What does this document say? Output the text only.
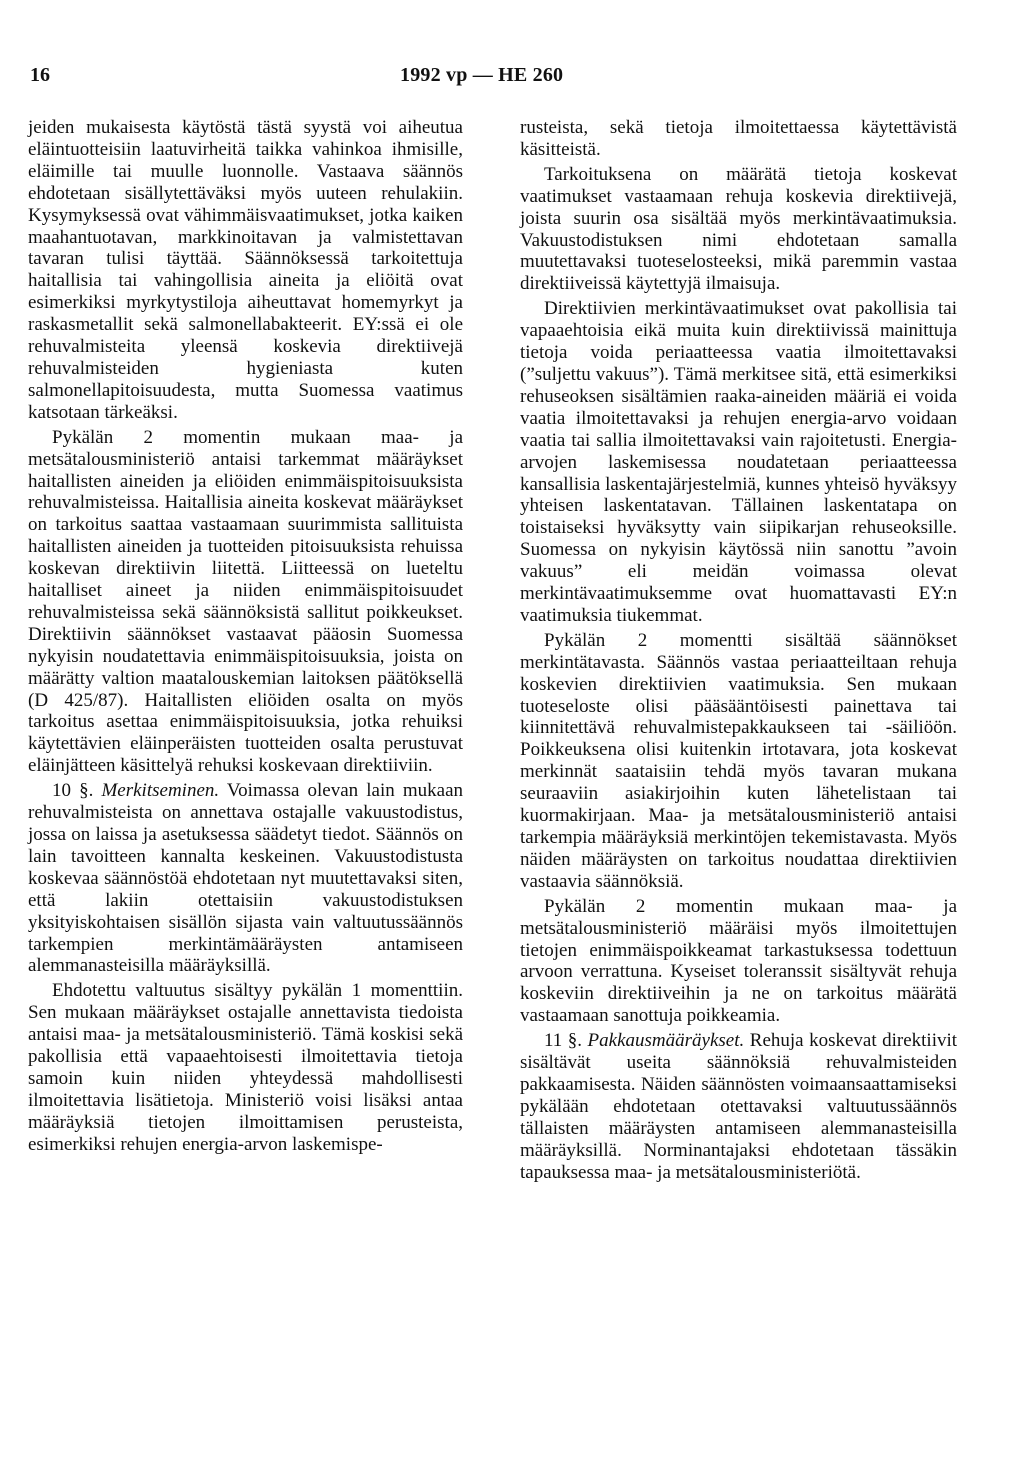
16	1992 vp — HE 260

jeiden mukaisesta käytöstä tästä syystä voi aiheutua eläintuotteisiin laatuvirheitä taikka vahinkoa ihmisille, eläimille tai muulle luonnolle. Vastaava säännös ehdotetaan sisällytettäväksi myös uuteen rehulakiin. Kysymyksessä ovat vähimmäisvaatimukset, jotka kaiken maahantuotavan, markkinoitavan ja valmistettavan tavaran tulisi täyttää. Säännöksessä tarkoitettuja haitallisia tai vahingollisia aineita ja eliöitä ovat esimerkiksi myrkytystiloja aiheuttavat homemyrkyt ja raskasmetallit sekä salmonellabakteerit. EY:ssä ei ole rehuvalmisteita yleensä koskevia direktiivejä rehuvalmisteiden hygieniasta kuten salmonellapitoisuudesta, mutta Suomessa vaatimus katsotaan tärkeäksi.

Pykälän 2 momentin mukaan maa- ja metsätalousministeriö antaisi tarkemmat määräykset haitallisten aineiden ja eliöiden enimmäispitoisuuksista rehuvalmisteissa. Haitallisia aineita koskevat määräykset on tarkoitus saattaa vastaamaan suurimmista sallituista haitallisten aineiden ja tuotteiden pitoisuuksista rehuissa koskevan direktiivin liitettä. Liitteessä on lueteltu haitalliset aineet ja niiden enimmäispitoisuudet rehuvalmisteissa sekä säännöksistä sallitut poikkeukset. Direktiivin säännökset vastaavat pääosin Suomessa nykyisin noudatettavia enimmäispitoisuuksia, joista on määrätty valtion maatalouskemian laitoksen päätöksellä (D 425/87). Haitallisten eliöiden osalta on myös tarkoitus asettaa enimmäispitoisuuksia, jotka rehuiksi käytettävien eläinperäisten tuotteiden osalta perustuvat eläinjätteen käsittelyä rehuksi koskevaan direktiiviin.

10 §. Merkitseminen. Voimassa olevan lain mukaan rehuvalmisteista on annettava ostajalle vakuustodistus, jossa on laissa ja asetuksessa säädetyt tiedot. Säännös on lain tavoitteen kannalta keskeinen. Vakuustodistusta koskevaa säännöstöä ehdotetaan nyt muutettavaksi siten, että lakiin otettaisiin vakuustodistuksen yksityiskohtaisen sisällön sijasta vain valtuutussäännös tarkempien merkintämääräysten antamiseen alemmanasteisilla määräyksillä.

Ehdotettu valtuutus sisältyy pykälän 1 momenttiin. Sen mukaan määräykset ostajalle annettavista tiedoista antaisi maa- ja metsätalousministeriö. Tämä koskisi sekä pakollisia että vapaaehtoisesti ilmoitettavia tietoja samoin kuin niiden yhteydessä mahdollisesti ilmoitettavia lisätietoja. Ministeriö voisi lisäksi antaa määräyksiä tietojen ilmoittamisen perusteista, esimerkiksi rehujen energia-arvon laskemispe-

rusteista, sekä tietoja ilmoitettaessa käytettävistä käsitteistä.

Tarkoituksena on määrätä tietoja koskevat vaatimukset vastaamaan rehuja koskevia direktiivejä, joista suurin osa sisältää myös merkintävaatimuksia. Vakuustodistuksen nimi ehdotetaan samalla muutettavaksi tuoteselosteeksi, mikä paremmin vastaa direktiiveissä käytettyjä ilmaisuja.

Direktiivien merkintävaatimukset ovat pakollisia tai vapaaehtoisia eikä muita kuin direktiivissä mainittuja tietoja voida periaatteessa vaatia ilmoitettavaksi (”suljettu vakuus”). Tämä merkitsee sitä, että esimerkiksi rehuseoksen sisältämien raaka-aineiden määriä ei voida vaatia ilmoitettavaksi ja rehujen energia-arvo voidaan vaatia tai sallia ilmoitettavaksi vain rajoitetusti. Energia-arvojen laskemisessa noudatetaan periaatteessa kansallisia laskentajärjestelmiä, kunnes yhteisö hyväksyy yhteisen laskentatavan. Tällainen laskentatapa on toistaiseksi hyväksytty vain siipikarjan rehuseoksille. Suomessa on nykyisin käytössä niin sanottu ”avoin vakuus” eli meidän voimassa olevat merkintävaatimuksemme ovat huomattavasti EY:n vaatimuksia tiukemmat.

Pykälän 2 momentti sisältää säännökset merkintätavasta. Säännös vastaa periaatteiltaan rehuja koskevien direktiivien vaatimuksia. Sen mukaan tuoteseloste olisi pääsääntöisesti painettava tai kiinnitettävä rehuvalmistepakkaukseen tai -säiliöön. Poikkeuksena olisi kuitenkin irtotavara, jota koskevat merkinnät saataisiin tehdä myös tavaran mukana seuraaviin asiakirjoihin kuten lähetelistaan tai kuormakirjaan. Maa- ja metsätalousministeriö antaisi tarkempia määräyksiä merkintöjen tekemistavasta. Myös näiden määräysten on tarkoitus noudattaa direktiivien vastaavia säännöksiä.

Pykälän 2 momentin mukaan maa- ja metsätalousministeriö määräisi myös ilmoitettujen tietojen enimmäispoikkeamat tarkastuksessa todettuun arvoon verrattuna. Kyseiset toleranssit sisältyvät rehuja koskeviin direktiiveihin ja ne on tarkoitus määrätä vastaamaan sanottuja poikkeamia.

11 §. Pakkausmääräykset. Rehuja koskevat direktiivit sisältävät useita säännöksiä rehuvalmisteiden pakkaamisesta. Näiden säännösten voimaansaattamiseksi pykälään ehdotetaan otettavaksi valtuutussäännös tällaisten määräysten antamiseen alemmanasteisilla määräyksillä. Norminantajaksi ehdotetaan tässäkin tapauksessa maa- ja metsätalousministeriötä.
